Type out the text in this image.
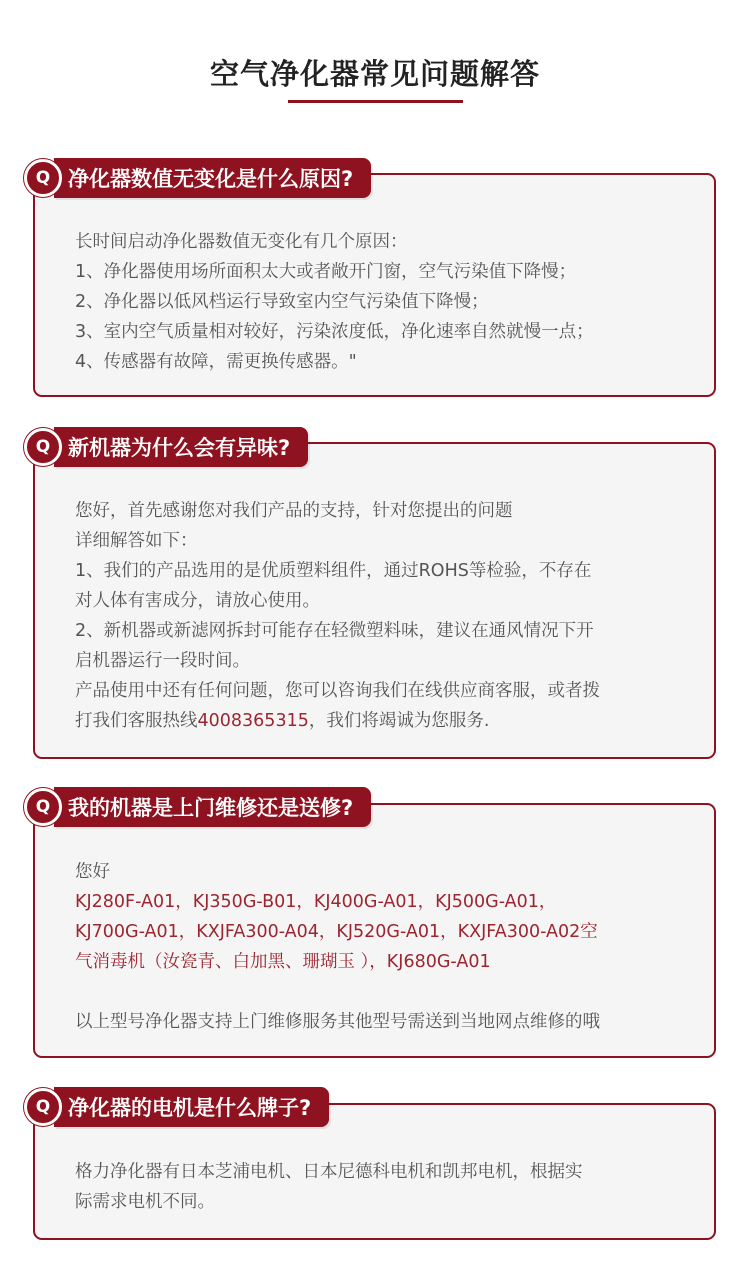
空气净化器常见问题解答
长时间启动净化器数值无变化有几个原因：
1、净化器使用场所面积太大或者敞开门窗，空气污染值下降慢；
2、净化器以低风档运行导致室内空气污染值下降慢；
3、室内空气质量相对较好，污染浓度低，净化速率自然就慢一点；
4、传感器有故障，需更换传感器。"
Q 净化器数值无变化是什么原因?
您好，首先感谢您对我们产品的支持，针对您提出的问题
详细解答如下：
1、我们的产品选用的是优质塑料组件，通过ROHS等检验，不存在
对人体有害成分，请放心使用。
2、新机器或新滤网拆封可能存在轻微塑料味，建议在通风情况下开
启机器运行一段时间。
产品使用中还有任何问题，您可以咨询我们在线供应商客服，或者拨
打我们客服热线4008365315，我们将竭诚为您服务.
Q 新机器为什么会有异味?
您好
KJ280F-A01，KJ350G-B01，KJ400G-A01，KJ500G-A01，
KJ700G-A01，KXJFA300-A04，KJ520G-A01，KXJFA300-A02空
气消毒机（汝瓷青、白加黑、珊瑚玉 ），KJ680G-A01
以上型号净化器支持上门维修服务其他型号需送到当地网点维修的哦
Q 我的机器是上门维修还是送修?
格力净化器有日本芝浦电机、日本尼德科电机和凯邦电机，根据实
际需求电机不同。
Q 净化器的电机是什么牌子?
